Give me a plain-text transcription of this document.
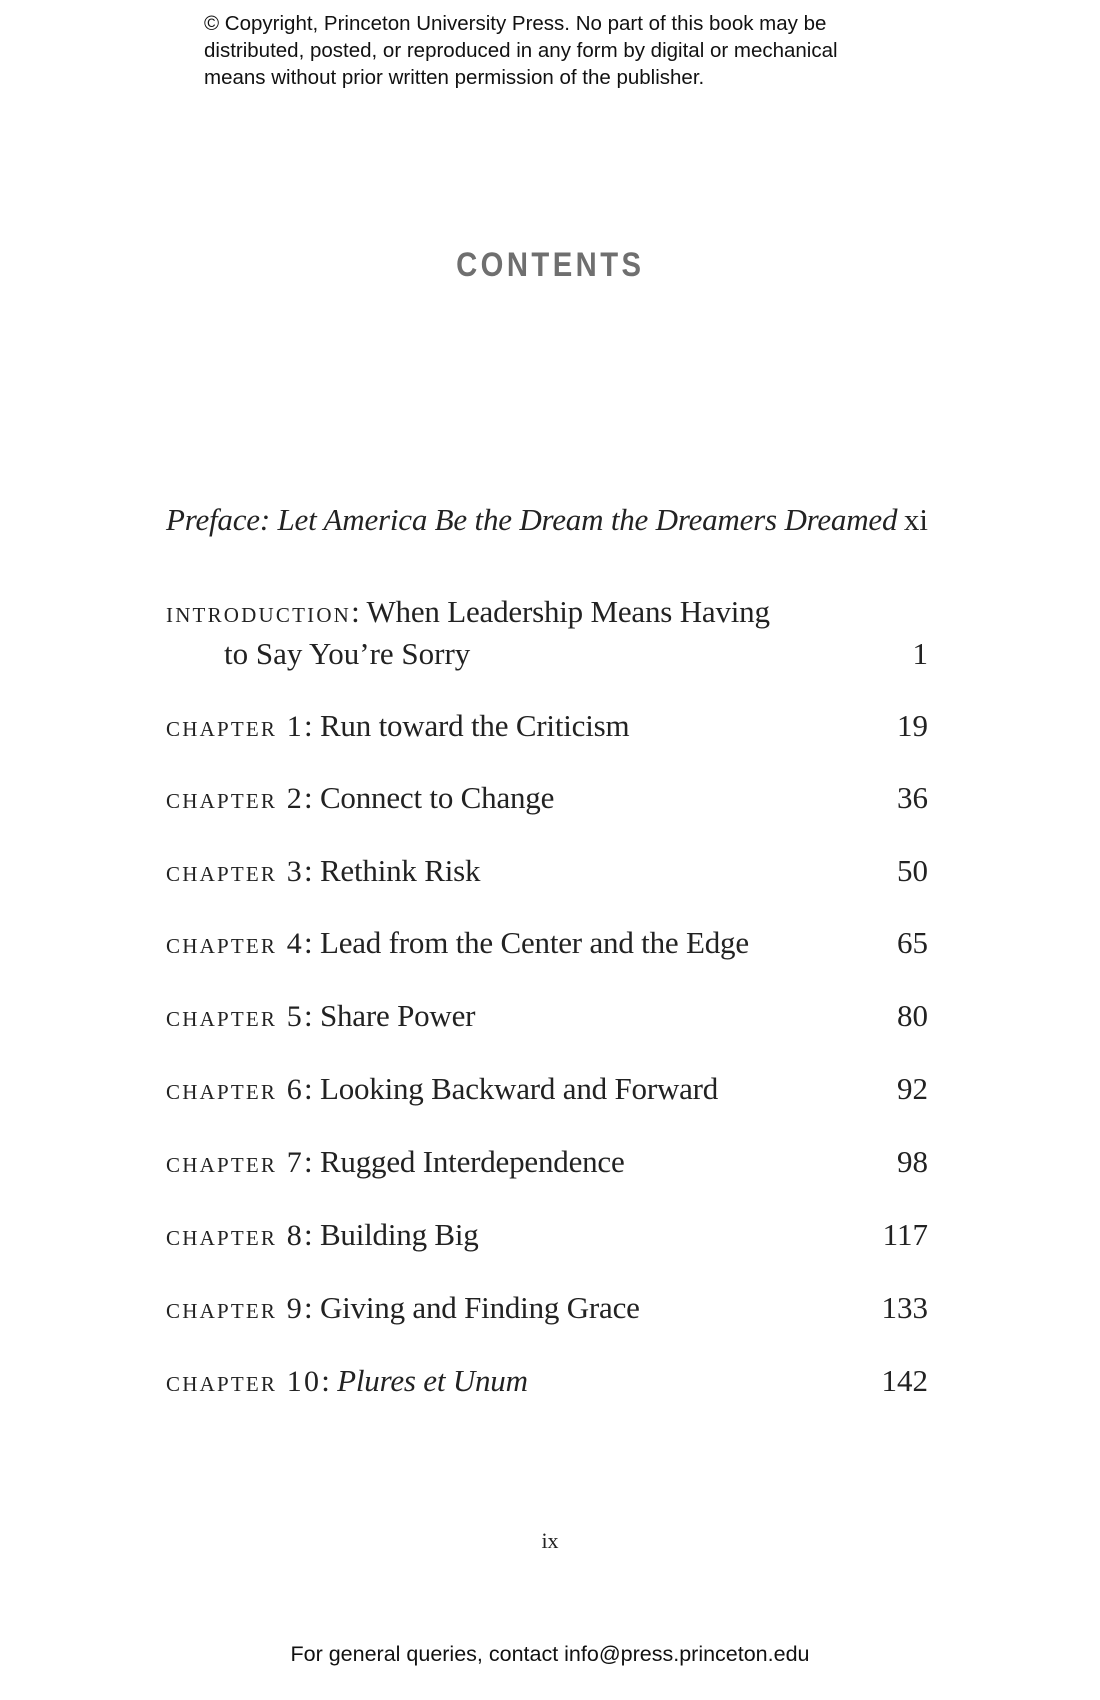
© Copyright, Princeton University Press. No part of this book may be
distributed, posted, or reproduced in any form by digital or mechanical
means without prior written permission of the publisher.
CONTENTS
Preface: Let America Be the Dream the Dreamers Dreamed xi
introduction: When Leadership Means Having
to Say You’re Sorry	1
chapter 1: Run toward the Criticism	19
chapter 2: Connect to Change	36
chapter 3: Rethink Risk	50
chapter 4: Lead from the Center and the Edge	65
chapter 5: Share Power	80
chapter 6: Looking Backward and Forward	92
chapter 7: Rugged Interdependence	98
chapter 8: Building Big	117
chapter 9: Giving and Finding Grace	133
chapter 10: Plures et Unum	142
ix
For general queries, contact info@press.princeton.edu
